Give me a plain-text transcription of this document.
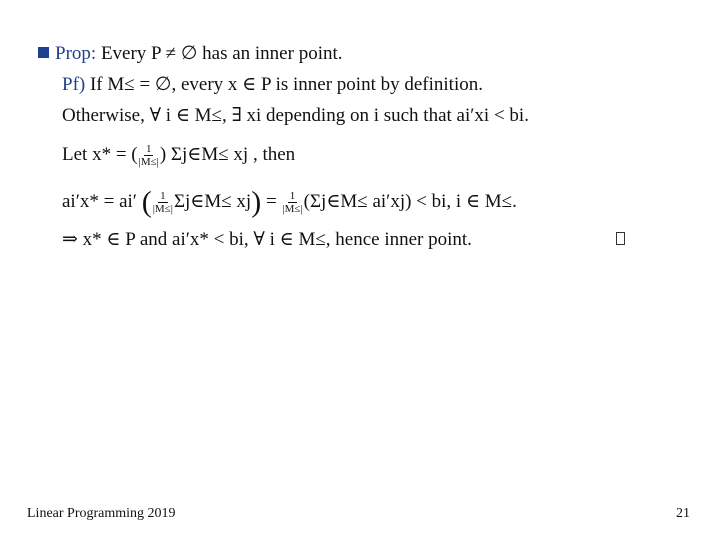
Prop: Every P ≠ ∅ has an inner point.
Pf) If M≤ = ∅, every x ∈ P is inner point by definition.
Otherwise, ∀ i ∈ M≤, ∃ xi depending on i such that ai′xi < bi.
Let x* = ( $\frac{1}{|M\le|}$ ) Σj∈M≤ xj , then
ai′x* = ai′ ( $\frac{1}{|M\le|}$ Σj∈M≤ $xj) = \frac{1}{|M\le|}$ (Σj∈M≤ ai′xj) < bi, i ∈ M≤.
⇒ x* ∈ P and ai′x* < bi, ∀ i ∈ M≤, hence inner point.
Linear Programming 2019	21
